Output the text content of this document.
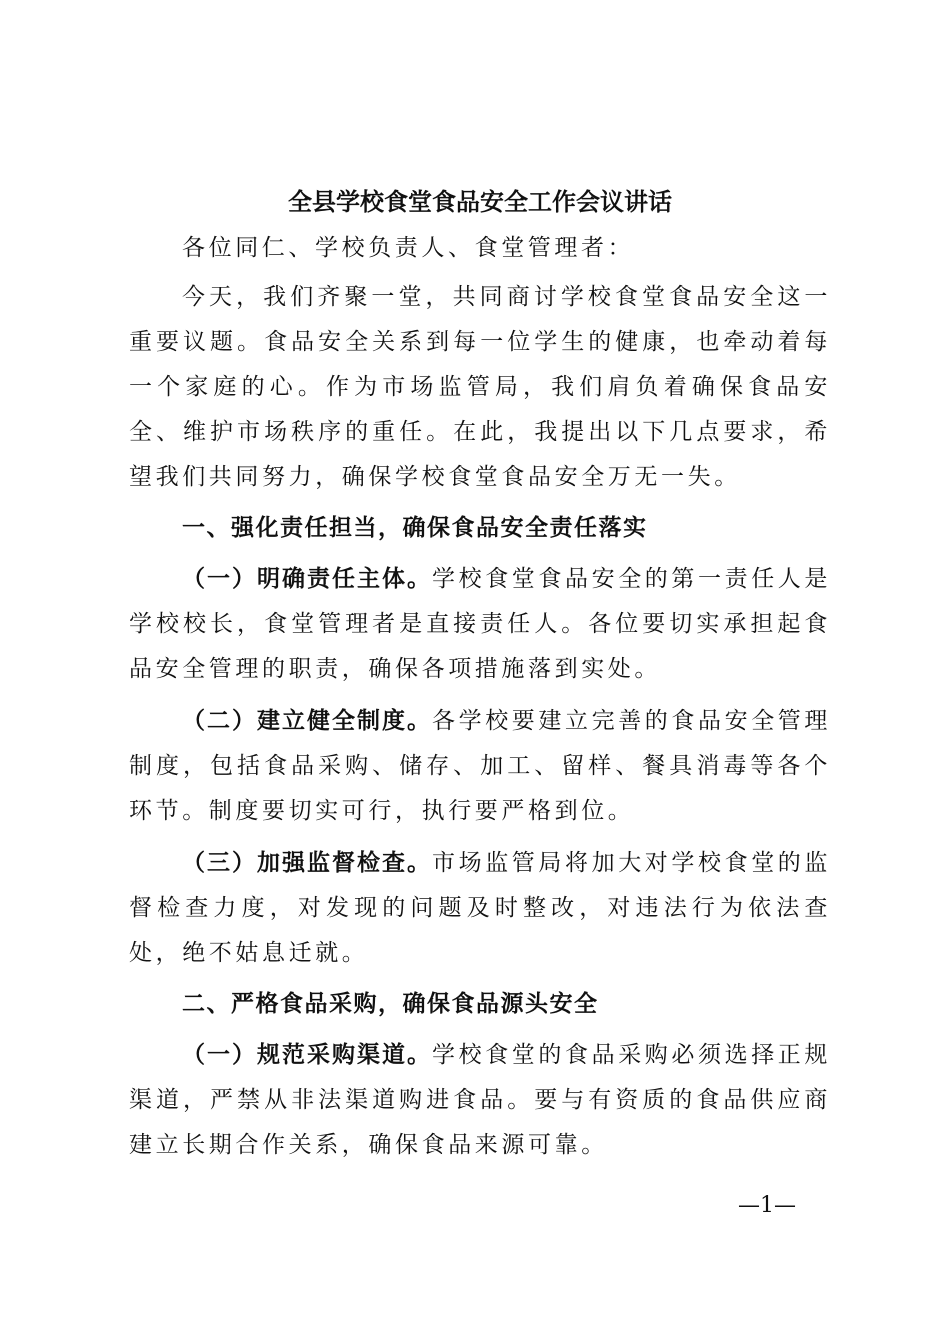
全县学校食堂食品安全工作会议讲话

各位同仁、学校负责人、食堂管理者：

今天，我们齐聚一堂，共同商讨学校食堂食品安全这一重要议题。食品安全关系到每一位学生的健康，也牵动着每一个家庭的心。作为市场监管局，我们肩负着确保食品安全、维护市场秩序的重任。在此，我提出以下几点要求，希望我们共同努力，确保学校食堂食品安全万无一失。

一、强化责任担当，确保食品安全责任落实

（一）明确责任主体。学校食堂食品安全的第一责任人是学校校长，食堂管理者是直接责任人。各位要切实承担起食品安全管理的职责，确保各项措施落到实处。

（二）建立健全制度。各学校要建立完善的食品安全管理制度，包括食品采购、储存、加工、留样、餐具消毒等各个环节。制度要切实可行，执行要严格到位。

（三）加强监督检查。市场监管局将加大对学校食堂的监督检查力度，对发现的问题及时整改，对违法行为依法查处，绝不姑息迁就。

二、严格食品采购，确保食品源头安全

（一）规范采购渠道。学校食堂的食品采购必须选择正规渠道，严禁从非法渠道购进食品。要与有资质的食品供应商建立长期合作关系，确保食品来源可靠。

—1—
